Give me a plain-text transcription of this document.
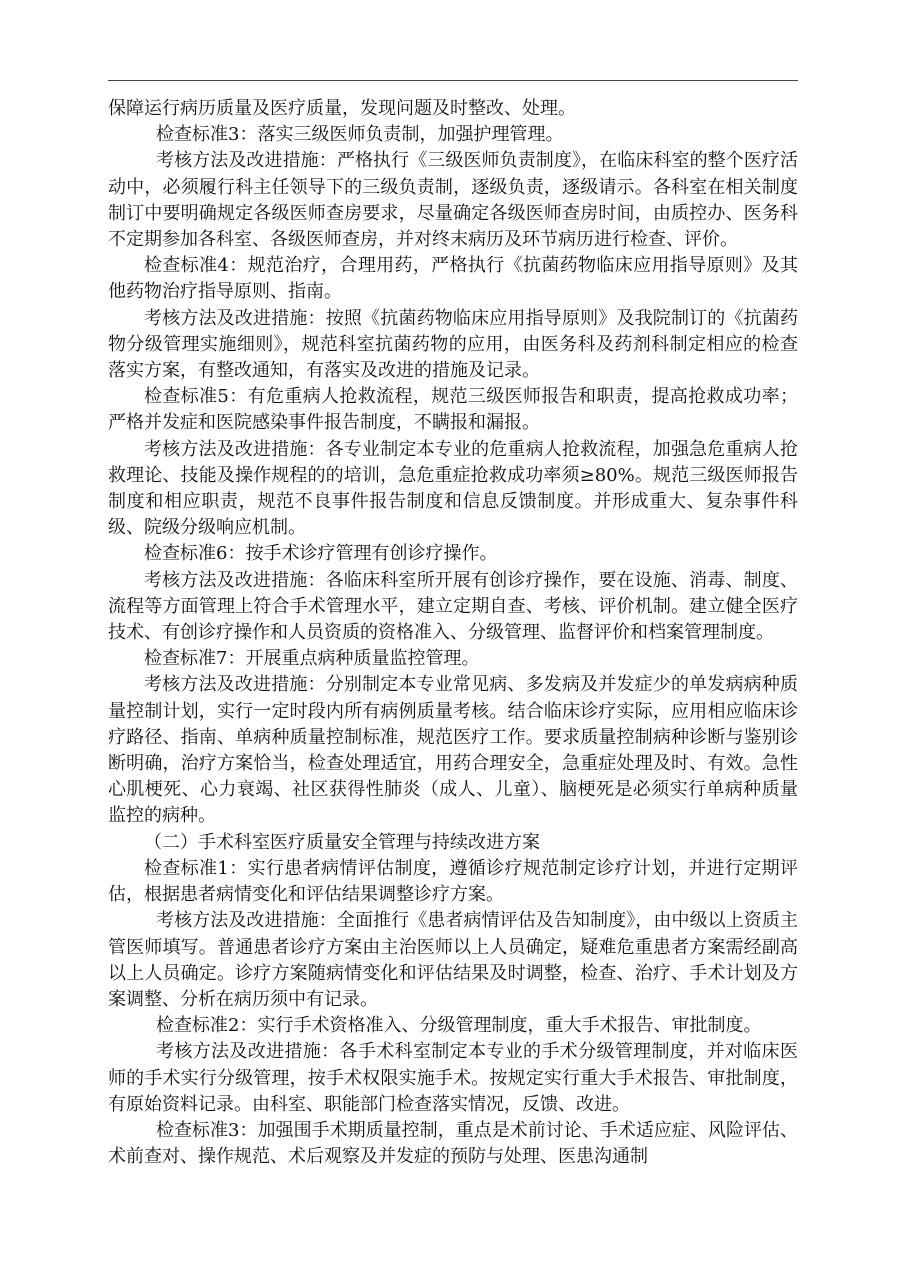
保障运行病历质量及医疗质量，发现问题及时整改、处理。

检查标准3：落实三级医师负责制，加强护理管理。

考核方法及改进措施：严格执行《三级医师负责制度》，在临床科室的整个医疗活动中，必须履行科主任领导下的三级负责制，逐级负责，逐级请示。各科室在相关制度制订中要明确规定各级医师查房要求，尽量确定各级医师查房时间，由质控办、医务科不定期参加各科室、各级医师查房，并对终末病历及环节病历进行检查、评价。

检查标准4：规范治疗，合理用药，严格执行《抗菌药物临床应用指导原则》及其他药物治疗指导原则、指南。

考核方法及改进措施：按照《抗菌药物临床应用指导原则》及我院制订的《抗菌药物分级管理实施细则》，规范科室抗菌药物的应用，由医务科及药剂科制定相应的检查落实方案，有整改通知，有落实及改进的措施及记录。

检查标准5：有危重病人抢救流程，规范三级医师报告和职责，提高抢救成功率；严格并发症和医院感染事件报告制度，不瞒报和漏报。

考核方法及改进措施：各专业制定本专业的危重病人抢救流程，加强急危重病人抢救理论、技能及操作规程的的培训，急危重症抢救成功率须≥80%。规范三级医师报告制度和相应职责，规范不良事件报告制度和信息反馈制度。并形成重大、复杂事件科级、院级分级响应机制。

检查标准6：按手术诊疗管理有创诊疗操作。

考核方法及改进措施：各临床科室所开展有创诊疗操作，要在设施、消毒、制度、流程等方面管理上符合手术管理水平，建立定期自查、考核、评价机制。建立健全医疗技术、有创诊疗操作和人员资质的资格准入、分级管理、监督评价和档案管理制度。

检查标准7：开展重点病种质量监控管理。

考核方法及改进措施：分别制定本专业常见病、多发病及并发症少的单发病病种质量控制计划，实行一定时段内所有病例质量考核。结合临床诊疗实际，应用相应临床诊疗路径、指南、单病种质量控制标准，规范医疗工作。要求质量控制病种诊断与鉴别诊断明确，治疗方案恰当，检查处理适宜，用药合理安全，急重症处理及时、有效。急性心肌梗死、心力衰竭、社区获得性肺炎（成人、儿童）、脑梗死是必须实行单病种质量监控的病种。

（二）手术科室医疗质量安全管理与持续改进方案

检查标准1：实行患者病情评估制度，遵循诊疗规范制定诊疗计划，并进行定期评估，根据患者病情变化和评估结果调整诊疗方案。

考核方法及改进措施：全面推行《患者病情评估及告知制度》，由中级以上资质主管医师填写。普通患者诊疗方案由主治医师以上人员确定，疑难危重患者方案需经副高以上人员确定。诊疗方案随病情变化和评估结果及时调整，检查、治疗、手术计划及方案调整、分析在病历须中有记录。

检查标准2：实行手术资格准入、分级管理制度，重大手术报告、审批制度。

考核方法及改进措施：各手术科室制定本专业的手术分级管理制度，并对临床医师的手术实行分级管理，按手术权限实施手术。按规定实行重大手术报告、审批制度，有原始资料记录。由科室、职能部门检查落实情况，反馈、改进。

检查标准3：加强围手术期质量控制，重点是术前讨论、手术适应症、风险评估、术前查对、操作规范、术后观察及并发症的预防与处理、医患沟通制
